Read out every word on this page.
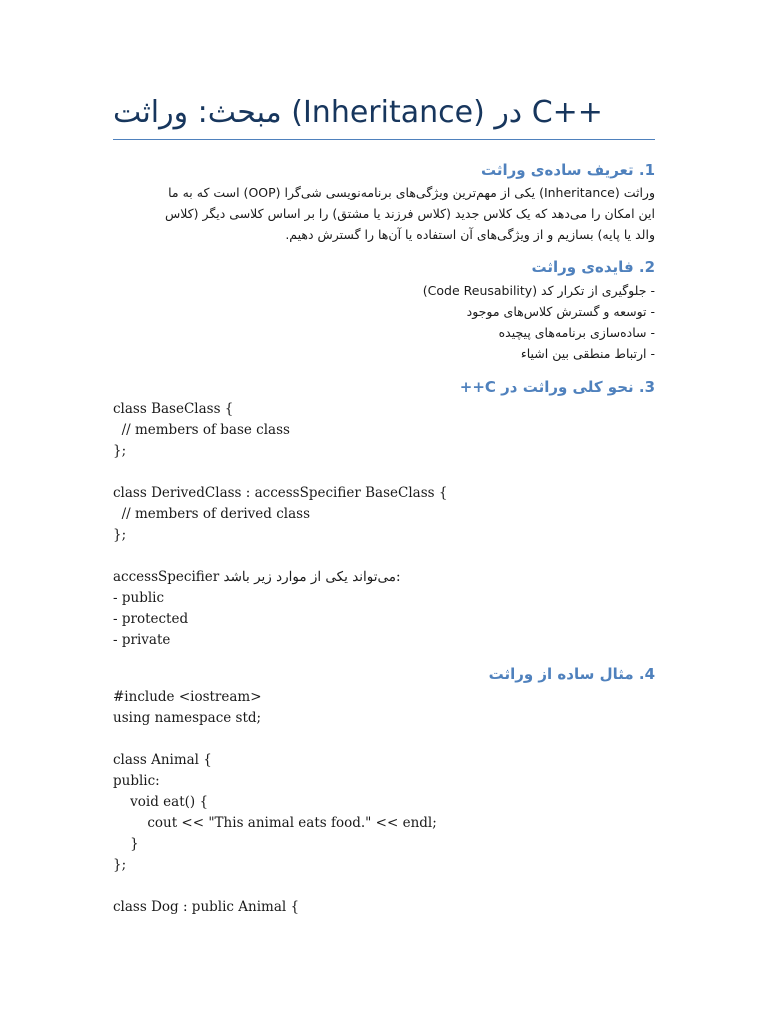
مبحث: وراثت (Inheritance) در C++
1. تعریف ساده‌ی وراثت
وراثت (Inheritance) یکی از مهم‌ترین ویژگی‌های برنامه‌نویسی شی‌گرا (OOP) است که به ما
این امکان را می‌دهد که یک کلاس جدید (کلاس فرزند یا مشتق) را بر اساس کلاسی دیگر (کلاس
والد یا پایه) بسازیم و از ویژگی‌های آن استفاده یا آن‌ها را گسترش دهیم.
2. فایده‌ی وراثت
- جلوگیری از تکرار کد (Code Reusability)
- توسعه و گسترش کلاس‌های موجود
- ساده‌سازی برنامه‌های پیچیده
- ارتباط منطقی بین اشیاء
3. نحو کلی وراثت در C++
class BaseClass {
// members of base class
};
class DerivedClass : accessSpecifier BaseClass {
// members of derived class
};
accessSpecifier می‌تواند یکی از موارد زیر باشد:
- public
- protected
- private
4. مثال ساده از وراثت
#include <iostream>
using namespace std;
class Animal {
public:
void eat() {
cout << "This animal eats food." << endl;
}
};
class Dog : public Animal {
